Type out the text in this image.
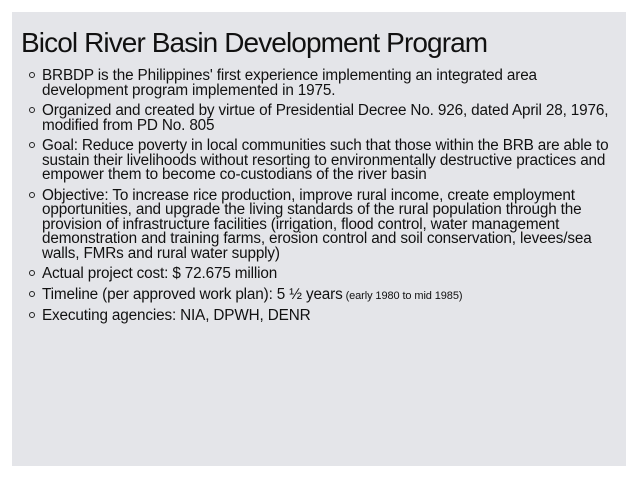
Bicol River Basin Development Program
BRBDP is the Philippines' first experience implementing an integrated area development program implemented in 1975.
Organized and created by virtue of Presidential Decree No. 926, dated April 28, 1976, modified from PD No. 805
Goal: Reduce poverty in local communities such that those within the BRB are able to sustain their livelihoods without resorting to environmentally destructive practices and empower them to become co-custodians of the river basin
Objective: To increase rice production, improve rural income, create employment opportunities, and upgrade the living standards of the rural population through the provision of infrastructure facilities (irrigation, flood control, water management demonstration and training farms, erosion control and soil conservation, levees/sea walls, FMRs and rural water supply)
Actual project cost: $ 72.675 million
Timeline (per approved work plan): 5 ½ years (early 1980 to mid 1985)
Executing agencies: NIA, DPWH, DENR
